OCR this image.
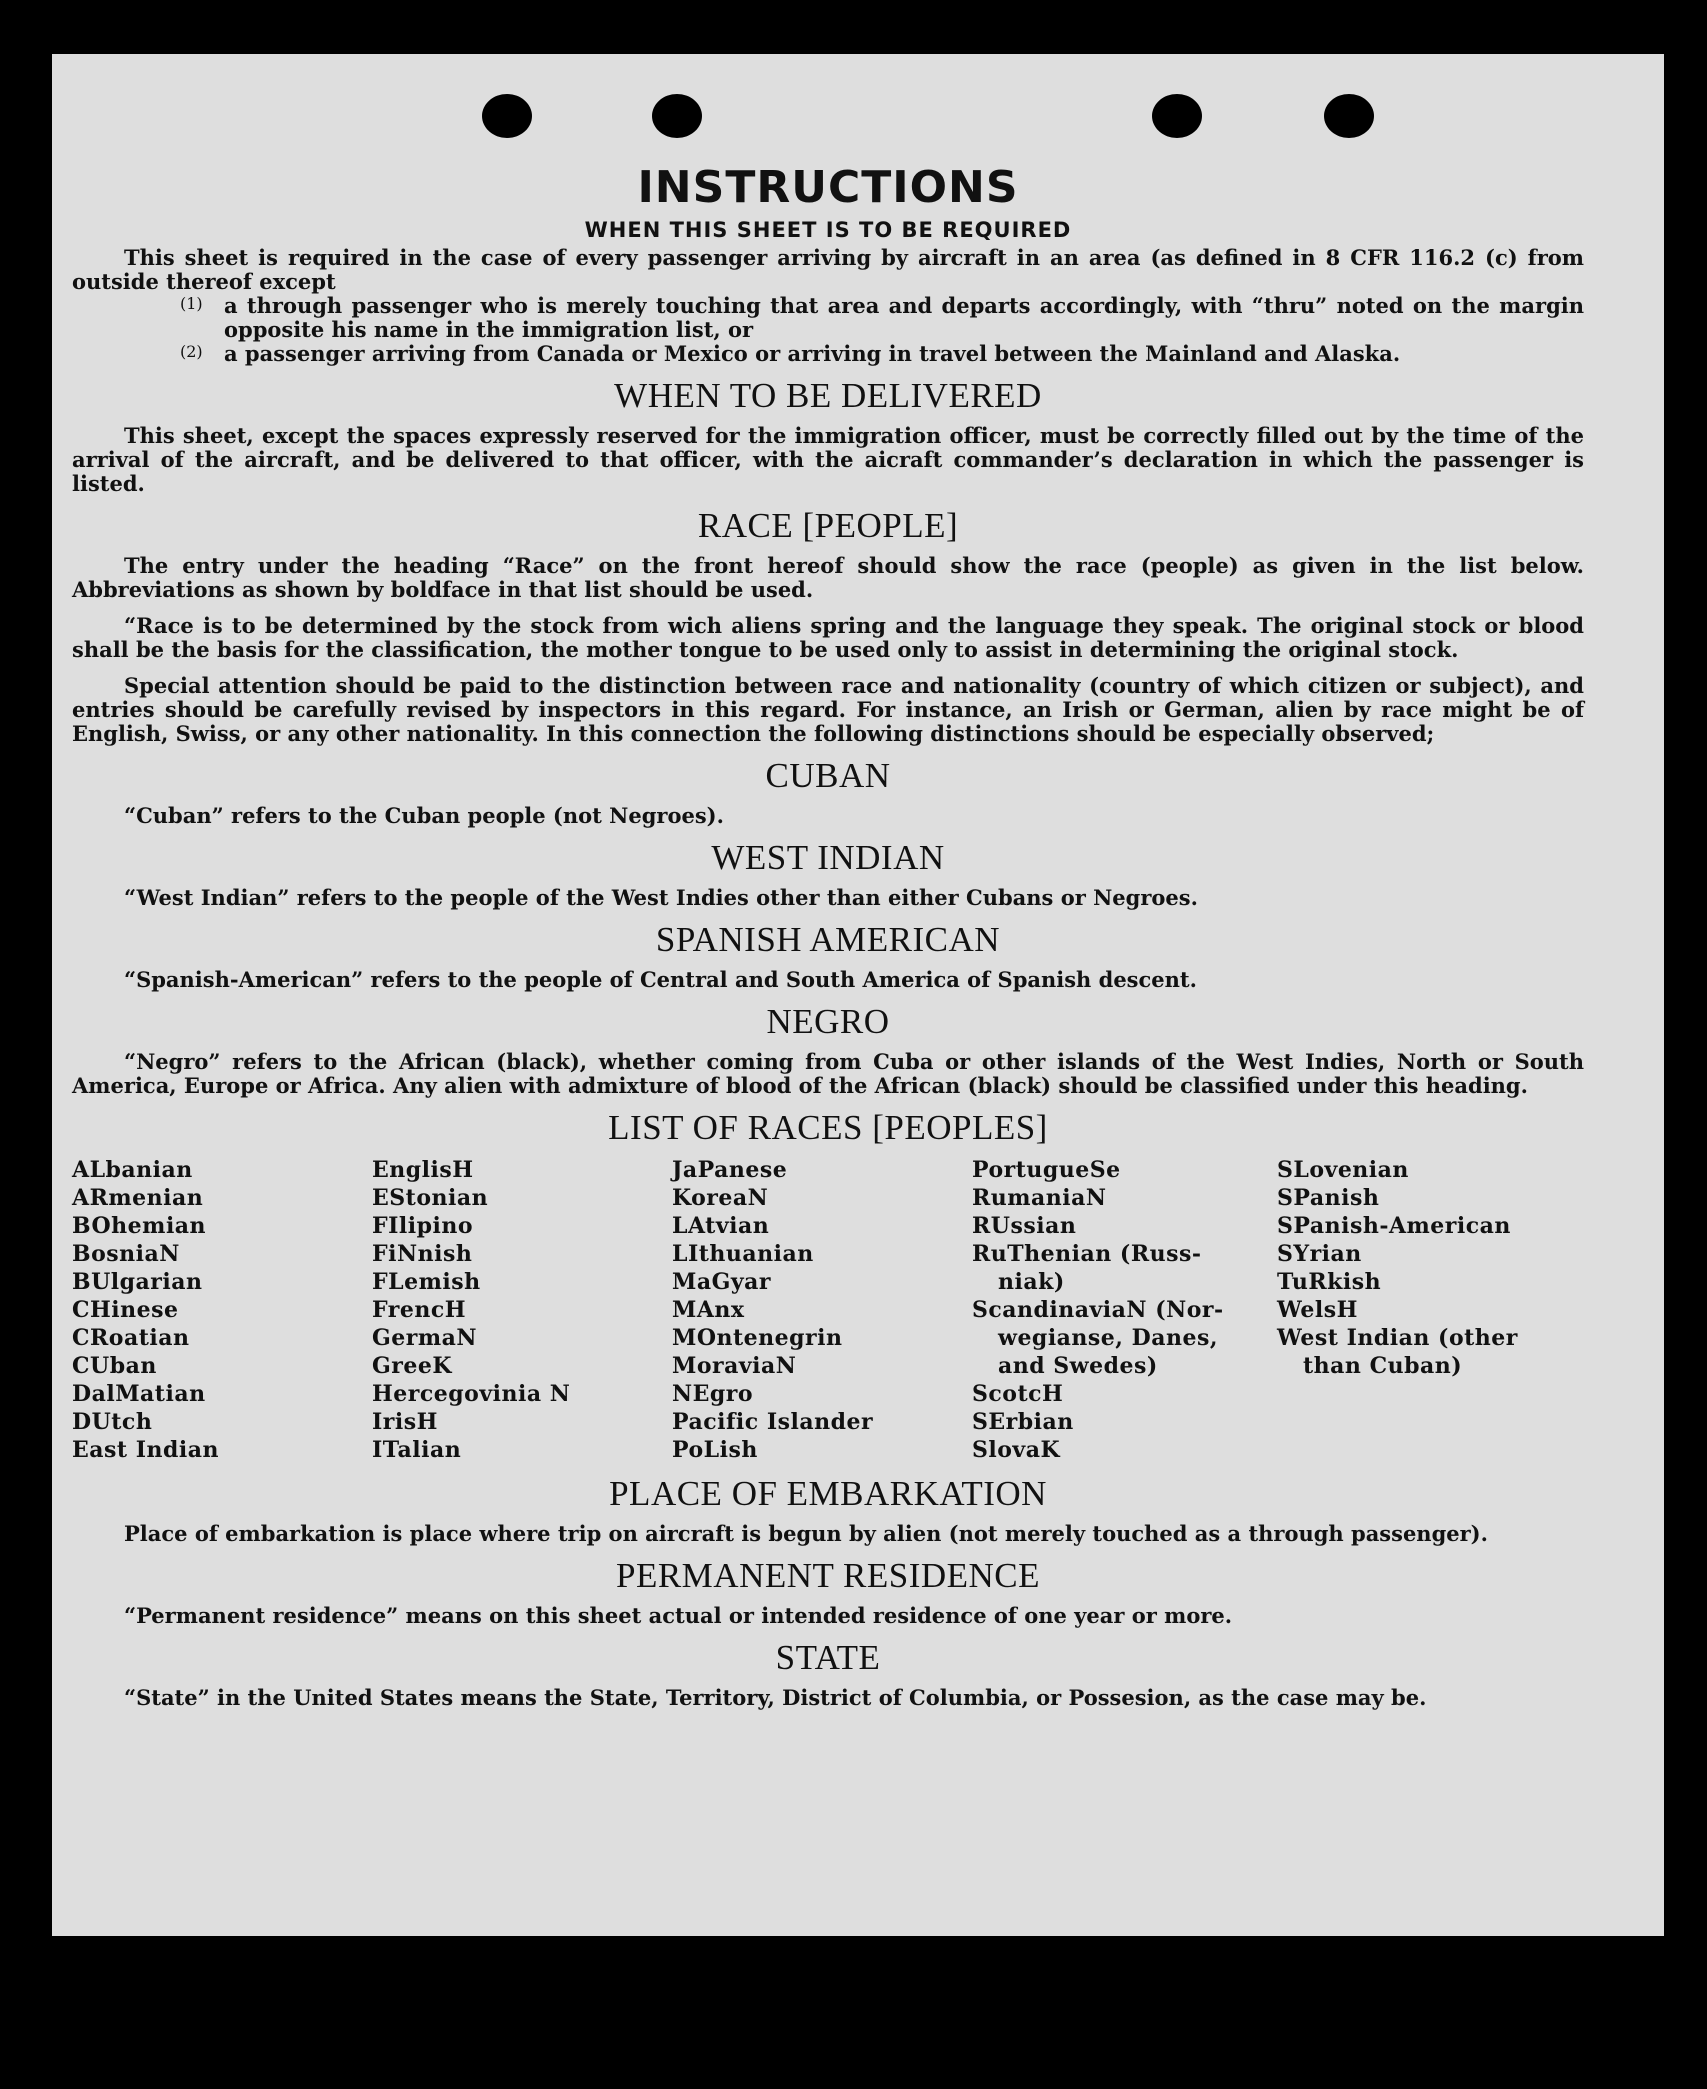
INSTRUCTIONS
WHEN THIS SHEET IS TO BE REQUIRED

This sheet is required in the case of every passenger arriving by aircraft in an area (as defined in 8 CFR 116.2 (c) from outside thereof except

(1)	a through passenger who is merely touching that area and departs accordingly, with “thru” noted on the margin opposite his name in the immigration list, or

(2)	a passenger arriving from Canada or Mexico or arriving in travel between the Mainland and Alaska.

WHEN TO BE DELIVERED

This sheet, except the spaces expressly reserved for the immigration officer, must be correctly filled out by the time of the arrival of the aircraft, and be delivered to that officer, with the aicraft commander’s declaration in which the passenger is listed.

RACE [PEOPLE]

The entry under the heading “Race” on the front hereof should show the race (people) as given in the list below. Abbreviations as shown by boldface in that list should be used.

“Race is to be determined by the stock from wich aliens spring and the language they speak. The original stock or blood shall be the basis for the classification, the mother tongue to be used only to assist in determining the original stock.

Special attention should be paid to the distinction between race and nationality (country of which citizen or subject), and entries should be carefully revised by inspectors in this regard. For instance, an Irish or German, alien by race might be of English, Swiss, or any other nationality. In this connection the following distinctions should be especially observed;

CUBAN

“Cuban” refers to the Cuban people (not Negroes).

WEST INDIAN

“West Indian” refers to the people of the West Indies other than either Cubans or Negroes.

SPANISH AMERICAN

“Spanish-American” refers to the people of Central and South America of Spanish descent.

NEGRO

“Negro” refers to the African (black), whether coming from Cuba or other islands of the West Indies, North or South America, Europe or Africa. Any alien with admixture of blood of the African (black) should be classified under this heading.

LIST OF RACES [PEOPLES]
ALbanian
ARmenian
BOhemian
BosniaN
BUlgarian
CHinese
CRoatian
CUban
DalMatian
DUtch
East Indian
EnglisH
EStonian
FIlipino
FiNnish
FLemish
FrencH
GermaN
GreeK
Hercegovinia N
IrisH
ITalian
JaPanese
KoreaN
LAtvian
LIthuanian
MaGyar
MAnx
MOntenegrin
MoraviaN
NEgro
Pacific Islander
PoLish
PortugueSe
RumaniaN
RUssian
RuThenian (Russ-
niak)
ScandinaviaN (Nor-
wegianse, Danes,
and Swedes)
ScotcH
SErbian
SlovaK
SLovenian
SPanish
SPanish-American
SYrian
TuRkish
WelsH
West Indian (other
than Cuban)
PLACE OF EMBARKATION

Place of embarkation is place where trip on aircraft is begun by alien (not merely touched as a through passenger).

PERMANENT RESIDENCE

“Permanent residence” means on this sheet actual or intended residence of one year or more.

STATE

“State” in the United States means the State, Territory, District of Columbia, or Possesion, as the case may be.
